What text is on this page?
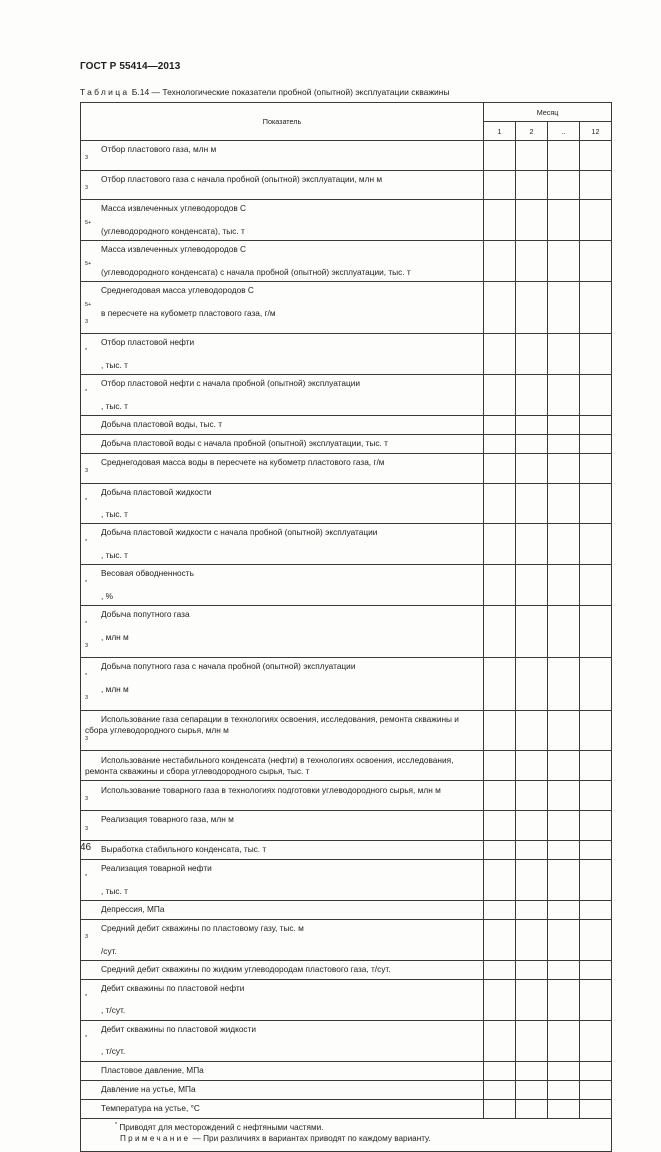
ГОСТ Р 55414—2013
Таблица Б.14 — Технологические показатели пробной (опытной) эксплуатации скважины
Показатель	Месяц			
	1	2	..	12

Отбор пластового газа, млн м
$^3$

Отбор пластового газа с начала пробной (опытной) эксплуатации, млн м
$^3$

Масса извлеченных углеводородов С
$_{5+}$
(углеводородного конденсата), тыс. т				

Масса извлеченных углеводородов С
$_{5+}$
(углеводородного конденсата) с начала пробной (опытной) эксплуатации, тыс. т				

Среднегодовая масса углеводородов С
$_{5+}$
в пересчете на кубометр пластового газа, г/м
$^3$

Отбор пластовой нефти
*
, тыс. т				

Отбор пластовой нефти с начала пробной (опытной) эксплуатации
*
, тыс. т				

Добыча пластовой воды, тыс. т				

Добыча пластовой воды с начала пробной (опытной) эксплуатации, тыс. т				

Среднегодовая масса воды в пересчете на кубометр пластового газа, г/м
$^3$

Добыча пластовой жидкости
*
, тыс. т				

Добыча пластовой жидкости с начала пробной (опытной) эксплуатации
*
, тыс. т				

Весовая обводненность
*
, %				

Добыча попутного газа
*
, млн м
$^3$

Добыча попутного газа с начала пробной (опытной) эксплуатации
*
, млн м
$^3$

Использование газа сепарации в технологиях освоения, исследования, ремонта скважины и сбора углеводородного сырья, млн м
$^3$

Использование нестабильного конденсата (нефти) в технологиях освоения, исследования, ремонта скважины и сбора углеводородного сырья, тыс. т				

Использование товарного газа в технологиях подготовки углеводородного сырья, млн м
$^3$

Реализация товарного газа, млн м
$^3$

Выработка стабильного конденсата, тыс. т				

Реализация товарной нефти
*
, тыс. т				

Депрессия, МПа				

Средний дебит скважины по пластовому газу, тыс. м
$^3$
/сут.				

Средний дебит скважины по жидким углеводородам пластового газа, т/сут.				

Дебит скважины по пластовой нефти
*
, т/сут.				

Дебит скважины по пластовой жидкости
*
, т/сут.				

Пластовое давление, МПа				

Давление на устье, МПа				

Температура на устье, °С				

* Приводят для месторождений с нефтяными частями.
Примечание — При различиях в вариантах приводят по каждому варианту.				
46
